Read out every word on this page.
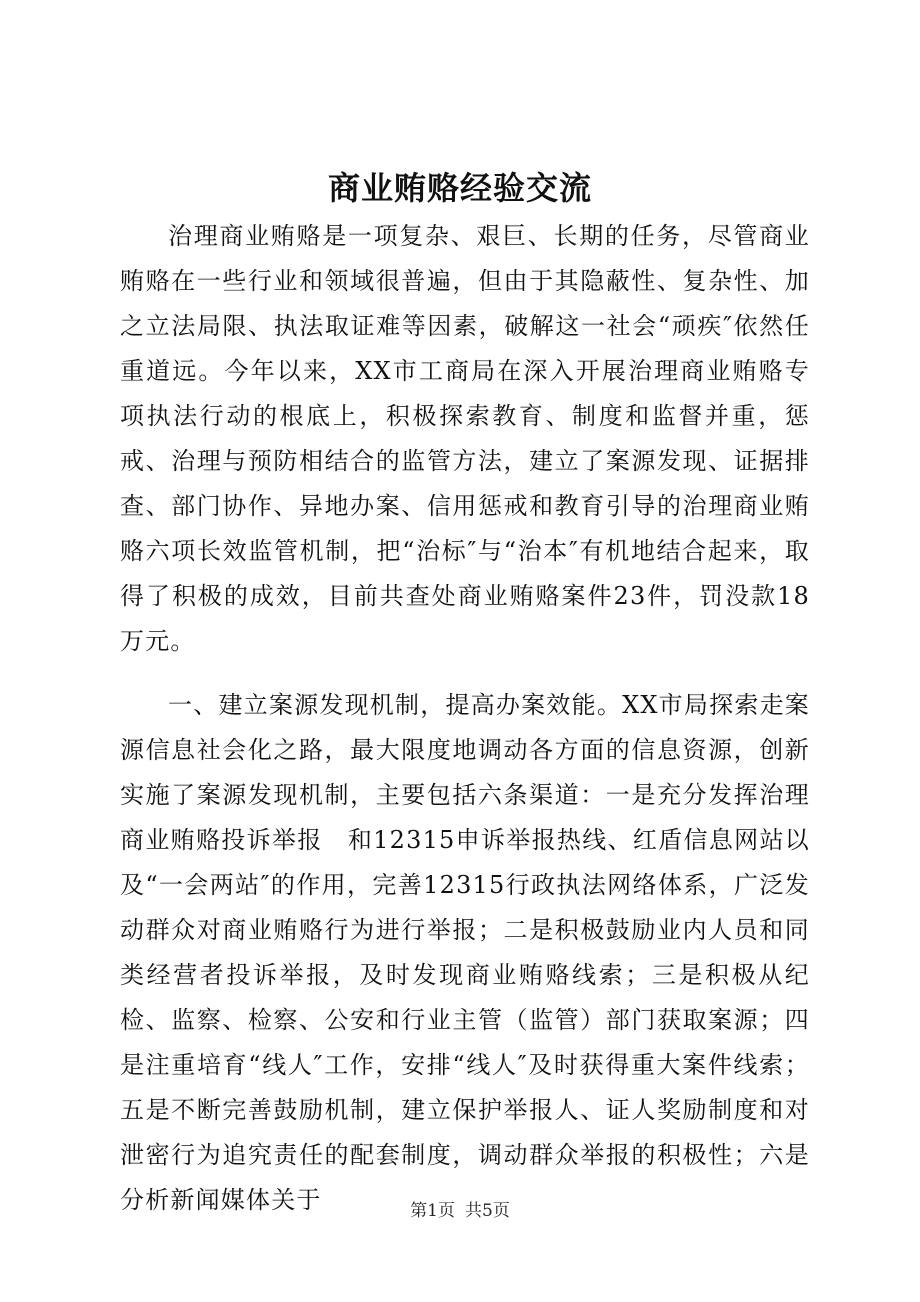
商业贿赂经验交流

治理商业贿赂是一项复杂、艰巨、长期的任务，尽管商业贿赂在一些行业和领域很普遍，但由于其隐蔽性、复杂性、加之立法局限、执法取证难等因素，破解这一社会“顽疾″依然任重道远。今年以来，XX市工商局在深入开展治理商业贿赂专项执法行动的根底上，积极探索教育、制度和监督并重，惩戒、治理与预防相结合的监管方法，建立了案源发现、证据排查、部门协作、异地办案、信用惩戒和教育引导的治理商业贿赂六项长效监管机制，把“治标″与“治本″有机地结合起来，取得了积极的成效，目前共查处商业贿赂案件23件，罚没款18万元。

一、建立案源发现机制，提高办案效能。XX市局探索走案源信息社会化之路，最大限度地调动各方面的信息资源，创新实施了案源发现机制，主要包括六条渠道：一是充分发挥治理商业贿赂投诉举报　和12315申诉举报热线、红盾信息网站以及“一会两站″的作用，完善12315行政执法网络体系，广泛发动群众对商业贿赂行为进行举报；二是积极鼓励业内人员和同类经营者投诉举报，及时发现商业贿赂线索；三是积极从纪检、监察、检察、公安和行业主管（监管）部门获取案源；四是注重培育“线人″工作，安排“线人″及时获得重大案件线索；五是不断完善鼓励机制，建立保护举报人、证人奖励制度和对泄密行为追究责任的配套制度，调动群众举报的积极性；六是分析新闻媒体关于	第1页 共5页
